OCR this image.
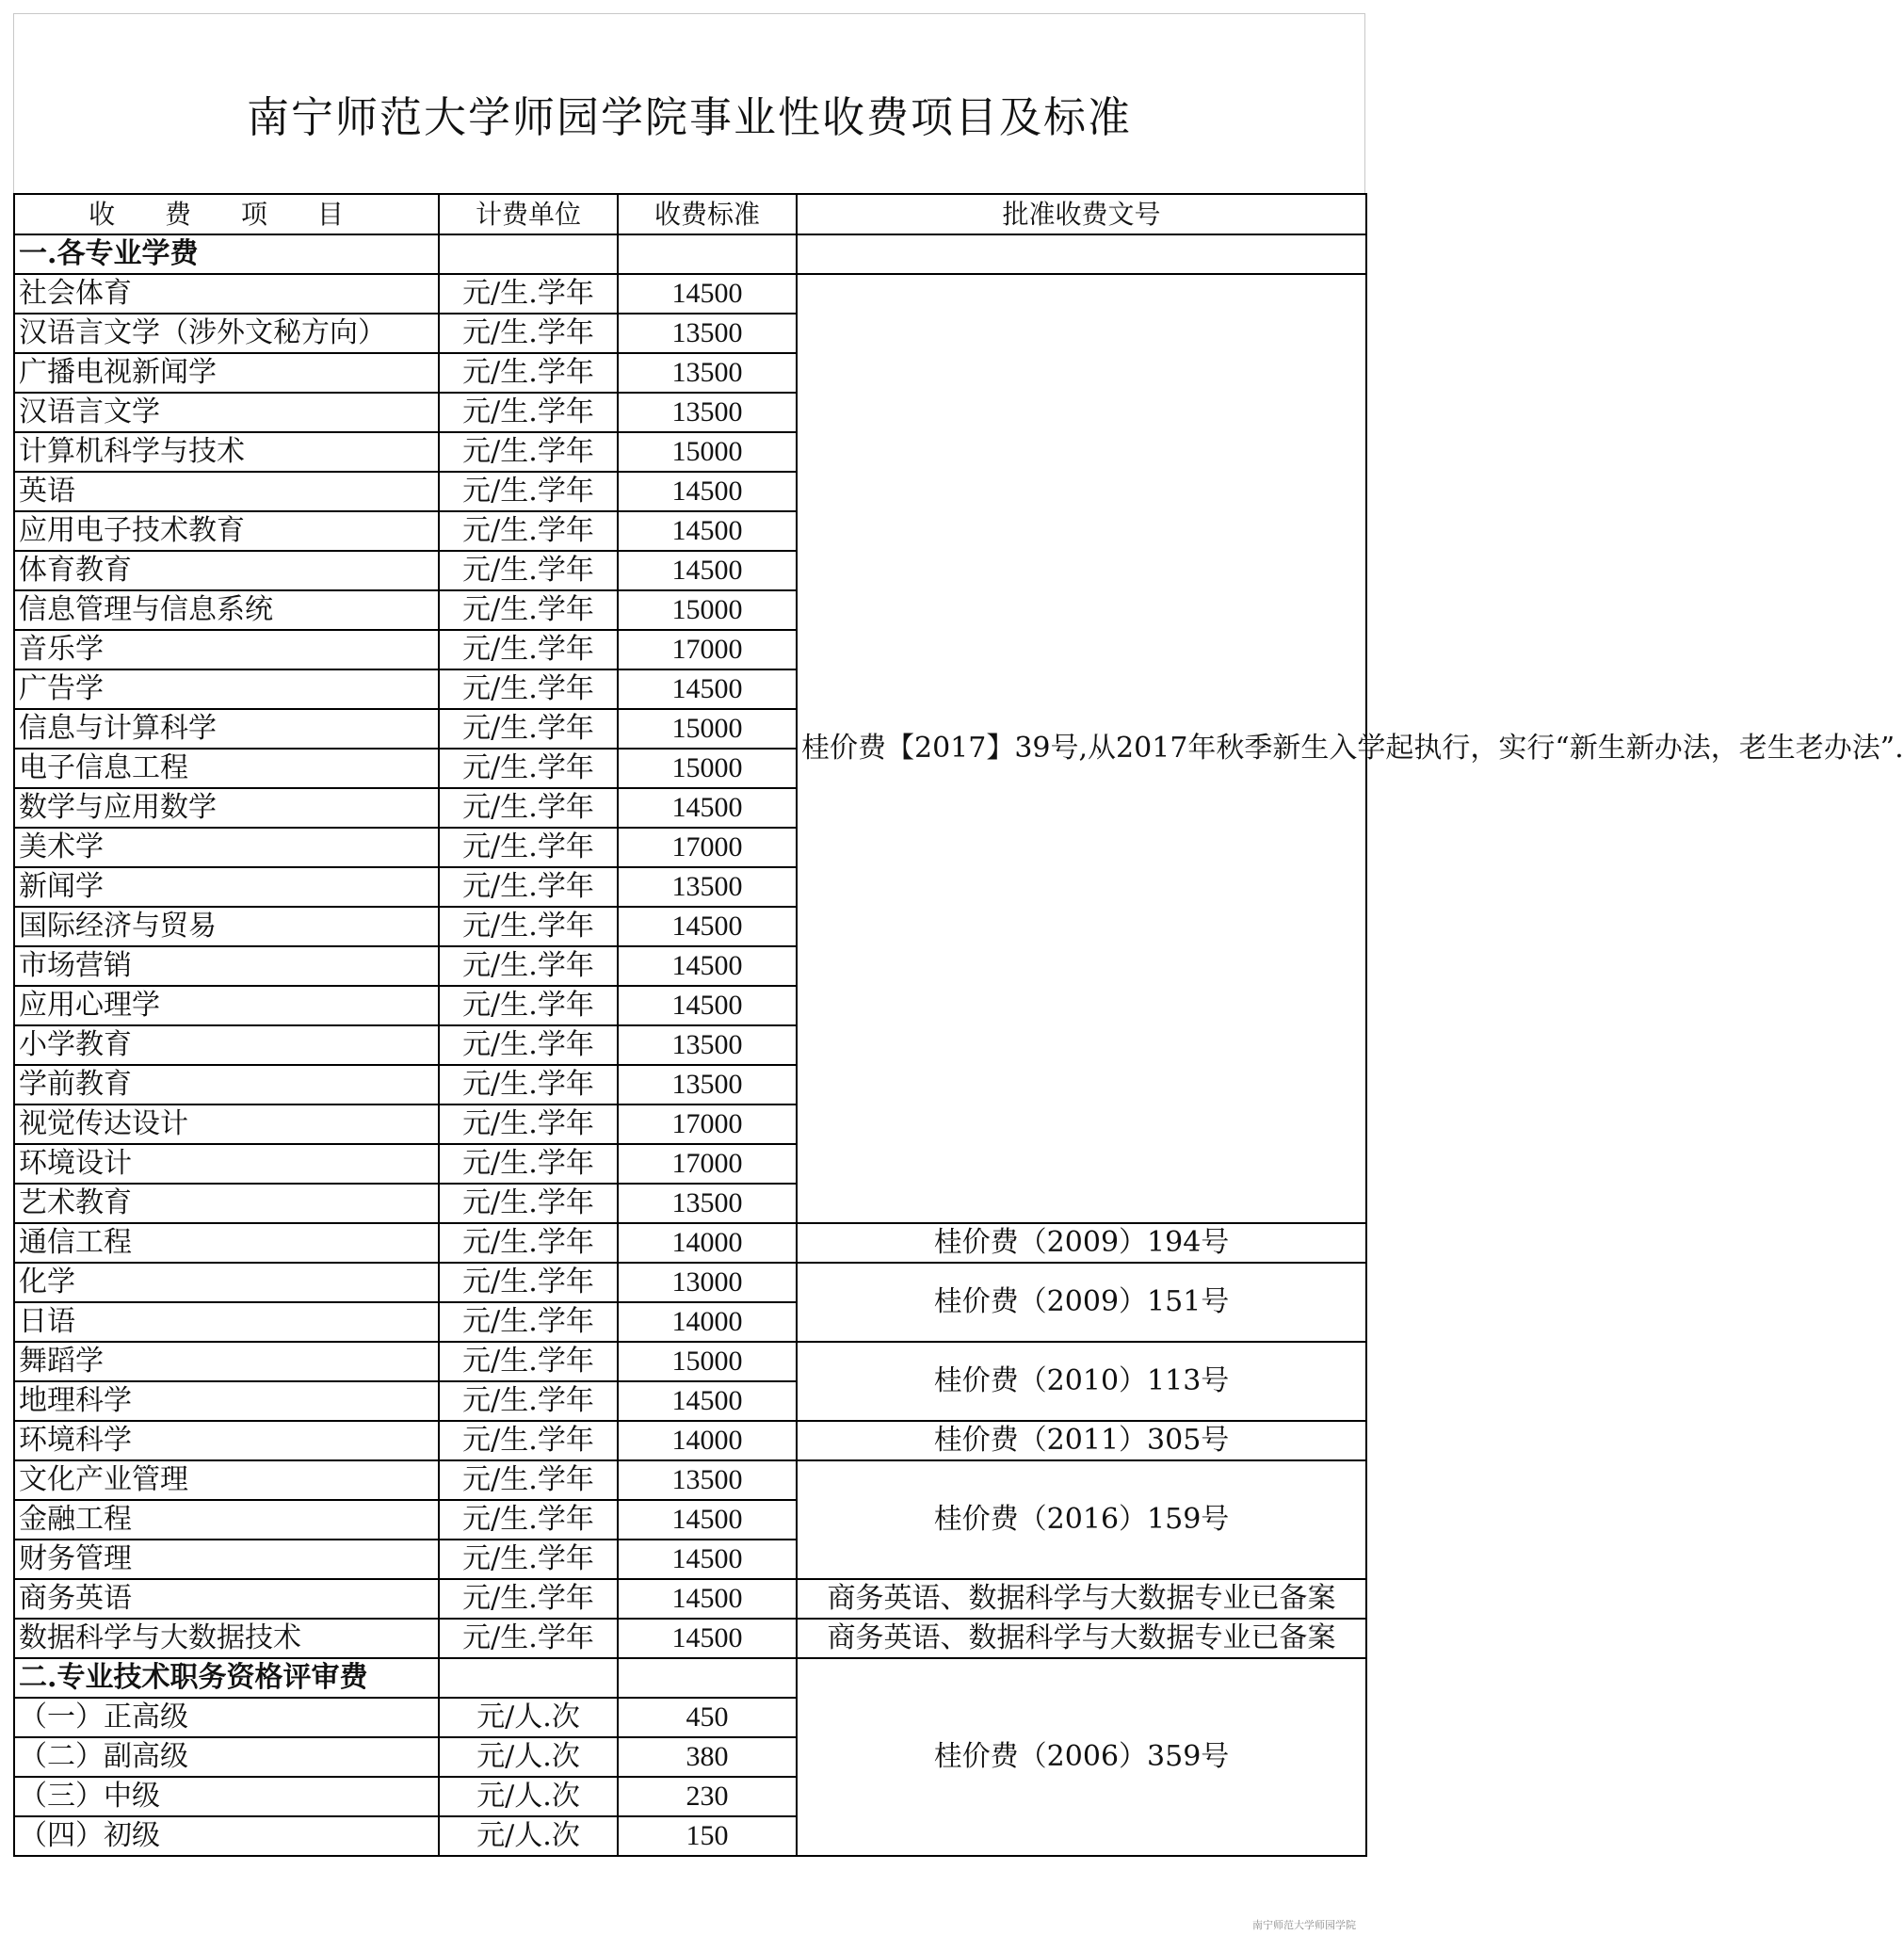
南宁师范大学师园学院事业性收费项目及标准
收 费 项 目	计费单位	收费标准	批准收费文号
一.各专业学费			
社会体育	元/生.学年	14500	桂价费【2017】39号,从2017年秋季新生入学起执行，实行“新生新办法，老生老办法”.
汉语言文学（涉外文秘方向）	元/生.学年	13500	
广播电视新闻学	元/生.学年	13500	
汉语言文学	元/生.学年	13500	
计算机科学与技术	元/生.学年	15000	
英语	元/生.学年	14500	
应用电子技术教育	元/生.学年	14500	
体育教育	元/生.学年	14500	
信息管理与信息系统	元/生.学年	15000	
音乐学	元/生.学年	17000	
广告学	元/生.学年	14500	
信息与计算科学	元/生.学年	15000	
电子信息工程	元/生.学年	15000	
数学与应用数学	元/生.学年	14500	
美术学	元/生.学年	17000	
新闻学	元/生.学年	13500	
国际经济与贸易	元/生.学年	14500	
市场营销	元/生.学年	14500	
应用心理学	元/生.学年	14500	
小学教育	元/生.学年	13500	
学前教育	元/生.学年	13500	
视觉传达设计	元/生.学年	17000	
环境设计	元/生.学年	17000	
艺术教育	元/生.学年	13500	
通信工程	元/生.学年	14000	桂价费（2009）194号
化学	元/生.学年	13000	桂价费（2009）151号
日语	元/生.学年	14000	
舞蹈学	元/生.学年	15000	桂价费（2010）113号
地理科学	元/生.学年	14500	
环境科学	元/生.学年	14000	桂价费（2011）305号
文化产业管理	元/生.学年	13500	桂价费（2016）159号
金融工程	元/生.学年	14500	
财务管理	元/生.学年	14500	
商务英语	元/生.学年	14500	商务英语、数据科学与大数据专业已备案
数据科学与大数据技术	元/生.学年	14500	商务英语、数据科学与大数据专业已备案
二.专业技术职务资格评审费			桂价费（2006）359号
（一）正高级	元/人.次	450	
（二）副高级	元/人.次	380	
（三）中级	元/人.次	230	
（四）初级	元/人.次	150	
南宁师范大学师园学院
